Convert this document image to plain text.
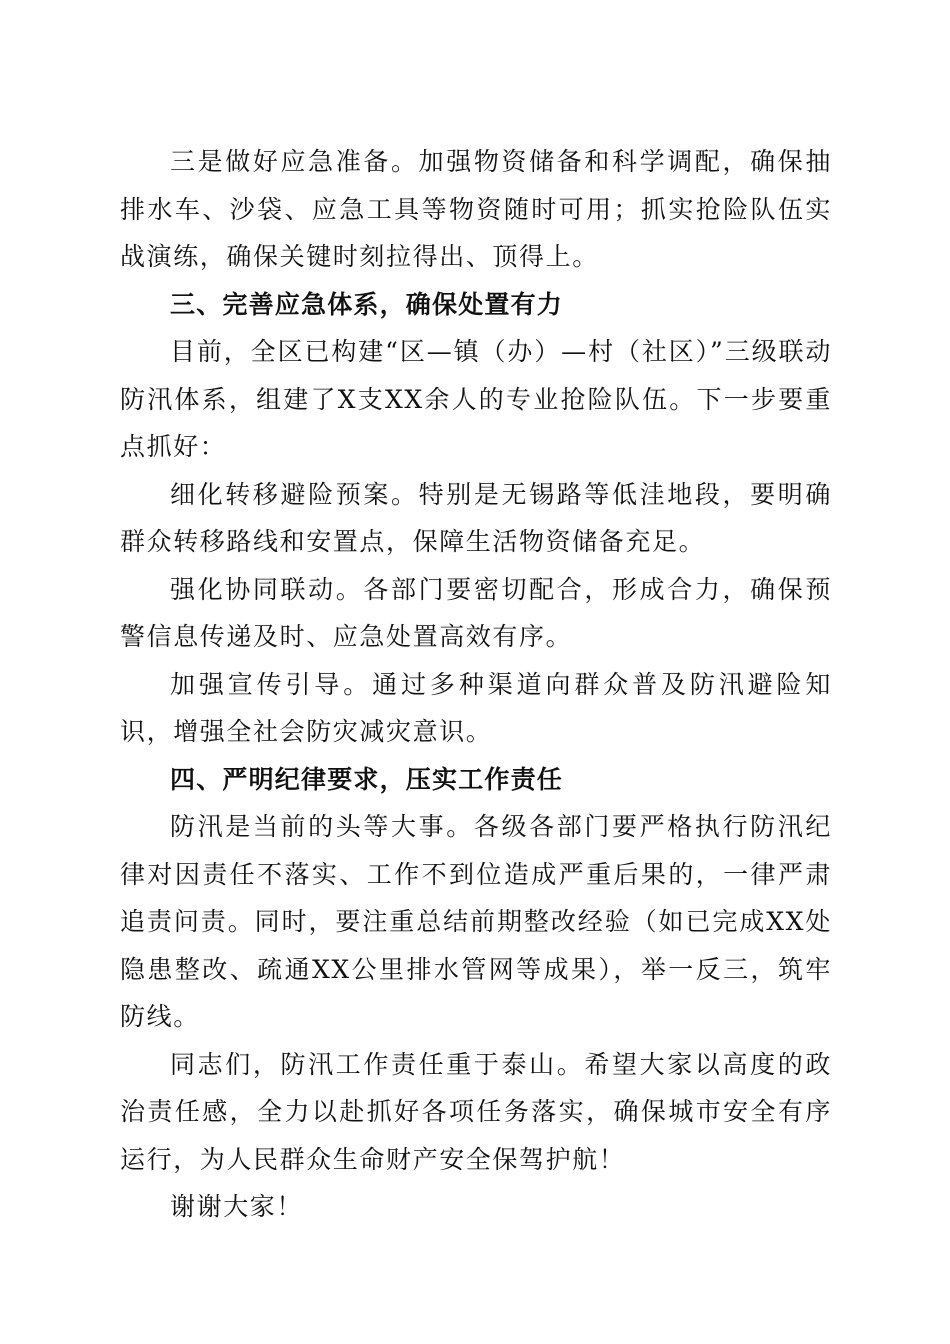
三是做好应急准备。加强物资储备和科学调配，确保抽排水车、沙袋、应急工具等物资随时可用；抓实抢险队伍实战演练，确保关键时刻拉得出、顶得上。

三、完善应急体系，确保处置有力

目前，全区已构建“区—镇（办）—村（社区）”三级联动防汛体系，组建了X支XX余人的专业抢险队伍。下一步要重点抓好：

细化转移避险预案。特别是无锡路等低洼地段，要明确群众转移路线和安置点，保障生活物资储备充足。

强化协同联动。各部门要密切配合，形成合力，确保预警信息传递及时、应急处置高效有序。

加强宣传引导。通过多种渠道向群众普及防汛避险知识，增强全社会防灾减灾意识。

四、严明纪律要求，压实工作责任

防汛是当前的头等大事。各级各部门要严格执行防汛纪律对因责任不落实、工作不到位造成严重后果的，一律严肃追责问责。同时，要注重总结前期整改经验（如已完成XX处隐患整改、疏通XX公里排水管网等成果），举一反三，筑牢防线。

同志们，防汛工作责任重于泰山。希望大家以高度的政治责任感，全力以赴抓好各项任务落实，确保城市安全有序运行，为人民群众生命财产安全保驾护航！

谢谢大家！
